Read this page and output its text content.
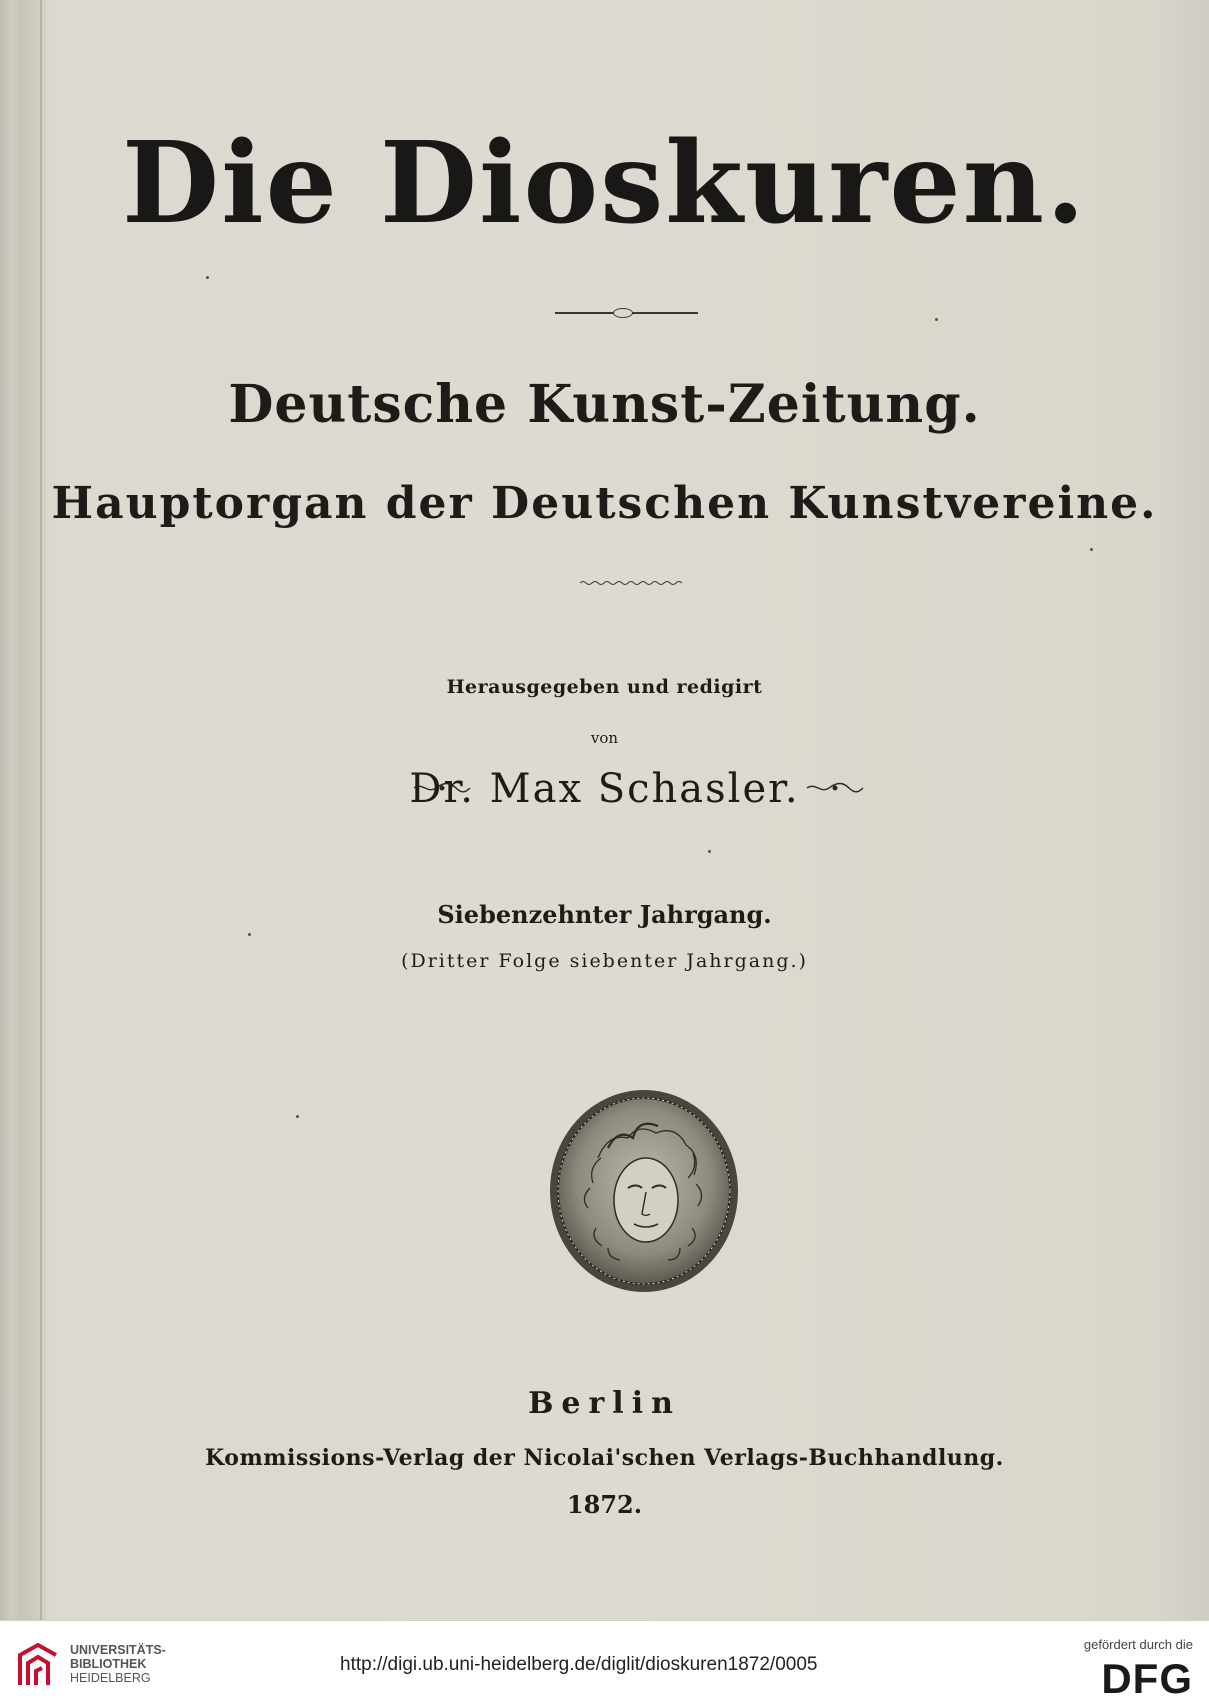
Die Dioskuren.
Deutsche Kunst-Zeitung.
Hauptorgan der Deutschen Kunstvereine.
Herausgegeben und redigirt
von
Dr. Max Schasler.
Siebenzehnter Jahrgang.
(Dritter Folge siebenter Jahrgang.)
Berlin
Kommissions-Verlag der Nicolai'schen Verlags-Buchhandlung.
1872.
UNIVERSITÄTS-
BIBLIOTHEK
HEIDELBERG
http://digi.ub.uni-heidelberg.de/diglit/dioskuren1872/0005
gefördert durch die
DFG
